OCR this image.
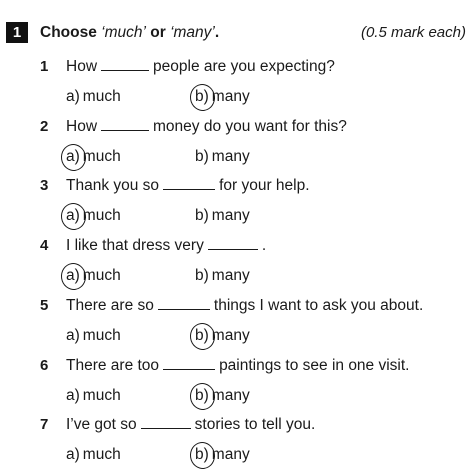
1	Choose ‘much’ or ‘many’.	(0.5 mark each)
1 How	people are you expecting?
a) much	b) many
2 How	money do you want for this?
a) much	b) many
3 Thank you so	for your help.
a) much	b) many
4 I like that dress very	.
a) much	b) many
5 There are so	things I want to ask you about.
a) much	b) many
6 There are too	paintings to see in one visit.
a) much	b) many
7 I’ve got so	stories to tell you.
a) much	b) many
